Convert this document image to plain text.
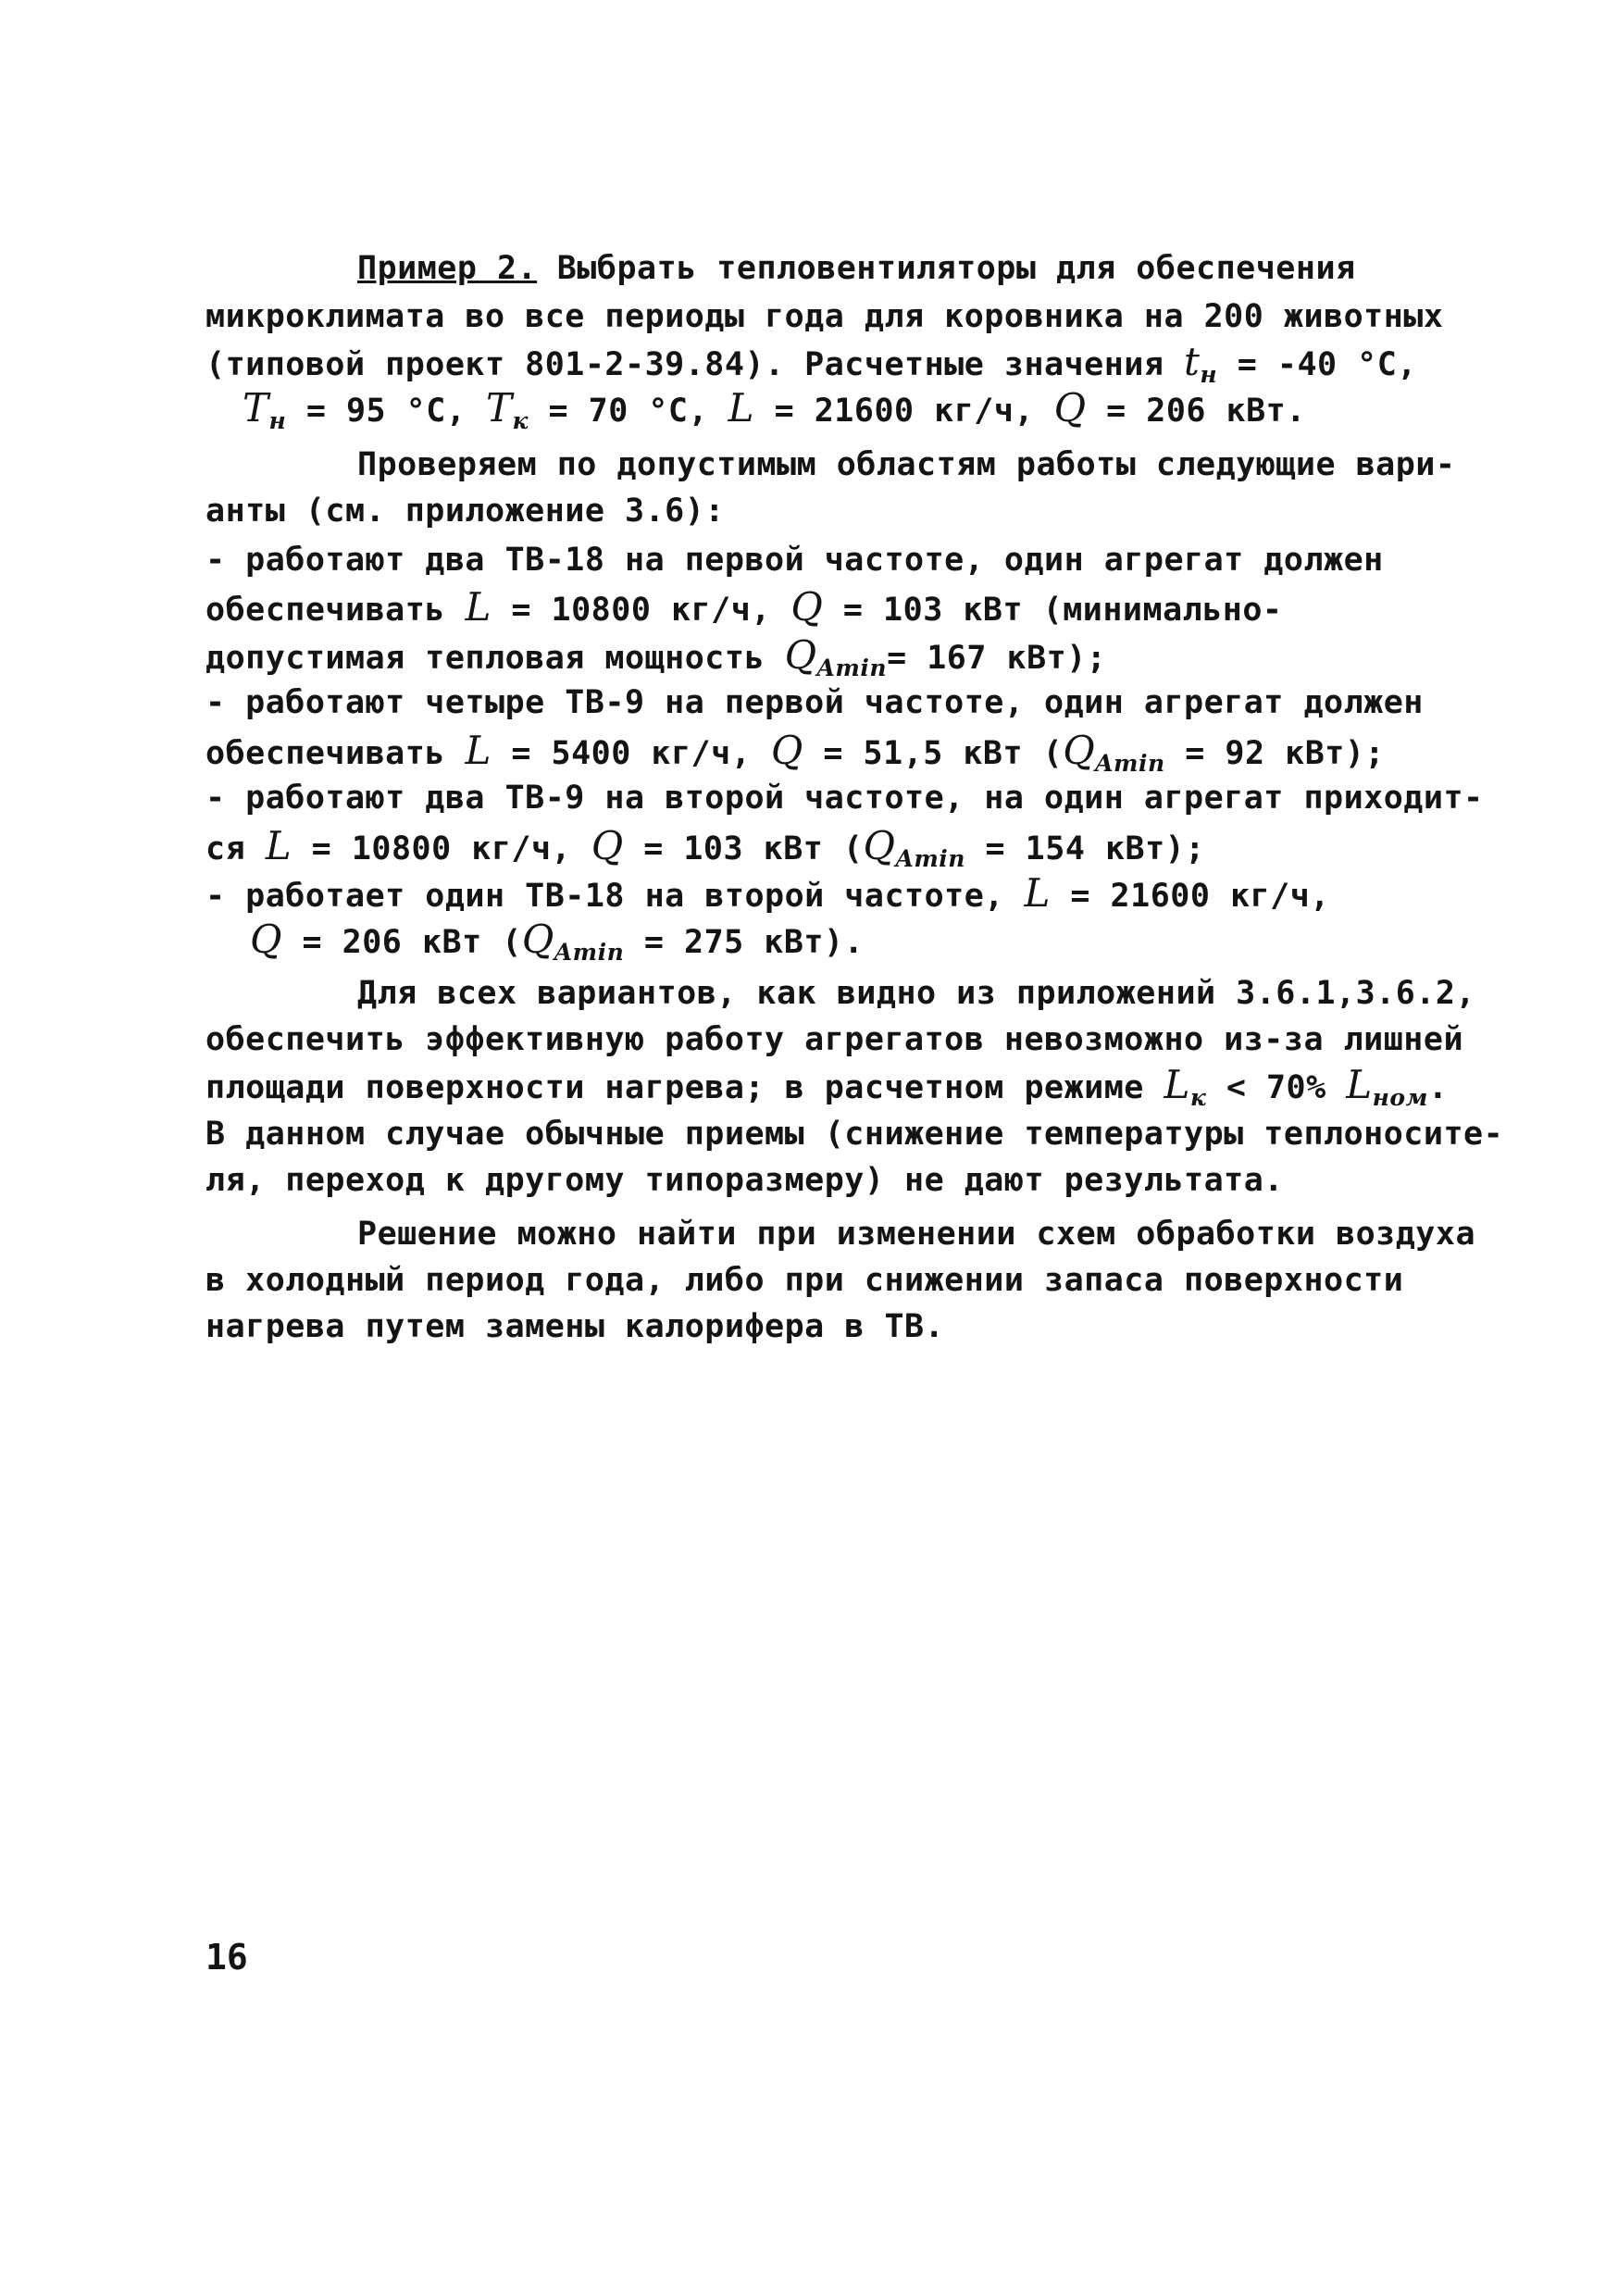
Пример 2. Выбрать тепловентиляторы для обеспечения
микроклимата во все периоды года для коровника на 200 животных
(типовой проект 801-2-39.84). Расчетные значения $t_н = -40$ °С,
$T_н = 95$ °С, $T_к = 70$ °С, L = 21600 кг/ч, Q = 206 кВт.
Проверяем по допустимым областям работы следующие вари-
анты (см. приложение 3.6):
- работают два ТВ-18 на первой частоте, один агрегат должен
обеспечивать L = 10800 кг/ч, Q = 103 кВт (минимально-
допустимая тепловая мощность $Q_{Amin}= 167$ кВт);
- работают четыре ТВ-9 на первой частоте, один агрегат должен
обеспечивать L = 5400 кг/ч, Q = 51,5 кВт ($Q_{Amin} = 92$ кВт);
- работают два ТВ-9 на второй частоте, на один агрегат приходит-
ся L = 10800 кг/ч, Q = 103 кВт ($Q_{Amin} = 154$ кВт);
- работает один ТВ-18 на второй частоте, L = 21600 кг/ч,
Q = 206 кВт ($Q_{Amin} = 275$ кВт).
Для всех вариантов, как видно из приложений 3.6.1,3.6.2,
обеспечить эффективную работу агрегатов невозможно из-за лишней
площади поверхности нагрева; в расчетном режиме $L_к < 70\%$ $L_{ном}$.
В данном случае обычные приемы (снижение температуры теплоносите-
ля, переход к другому типоразмеру) не дают результата.
Решение можно найти при изменении схем обработки воздуха
в холодный период года, либо при снижении запаса поверхности
нагрева путем замены калорифера в ТВ.
16
